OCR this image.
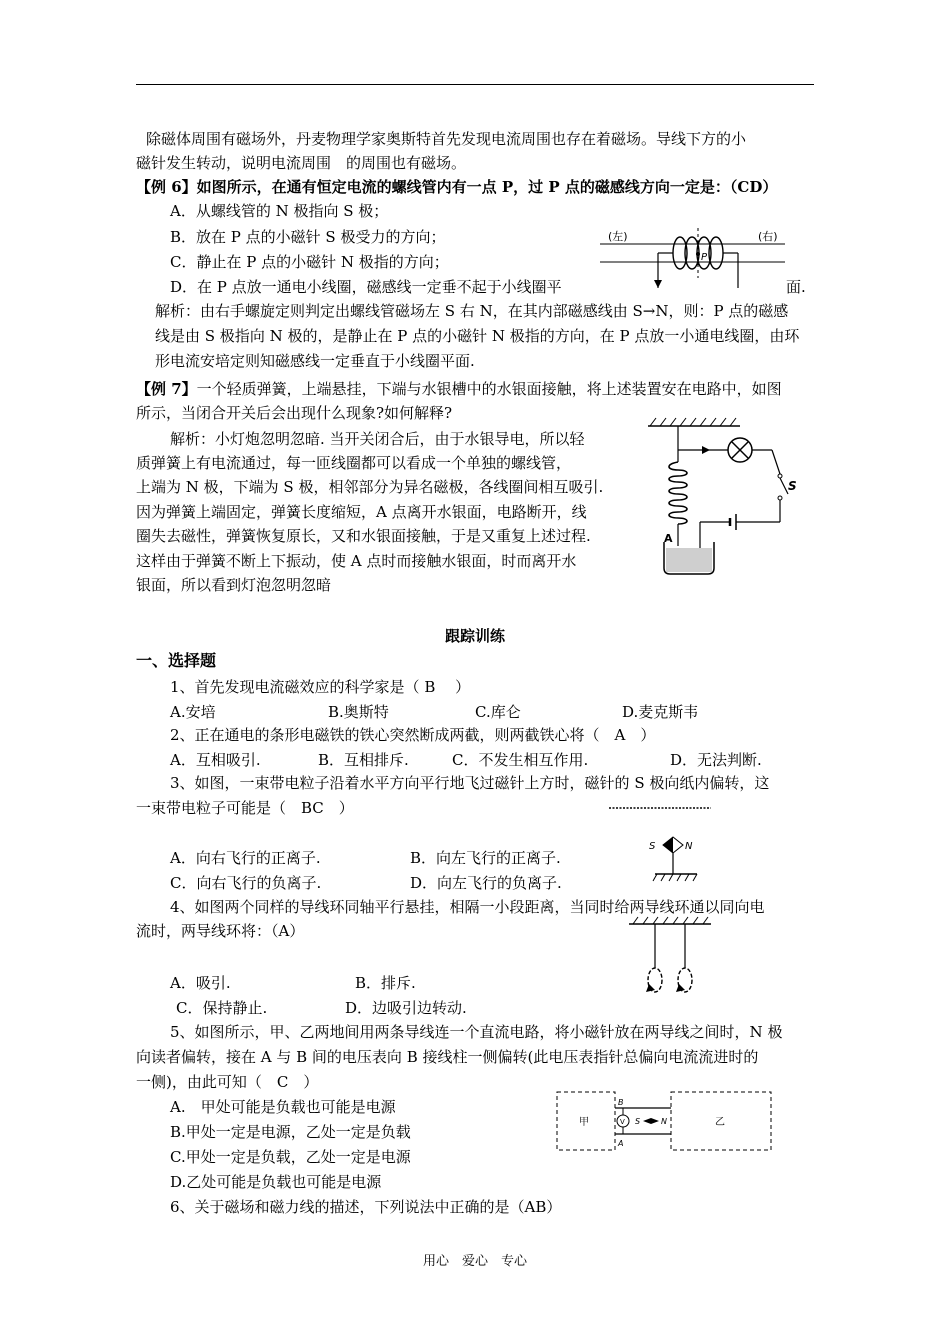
除磁体周围有磁场外，丹麦物理学家奥斯特首先发现电流周围也存在着磁场。导线下方的小
磁针发生转动，说明电流周围　的周围也有磁场。
【例 6】如图所示，在通有恒定电流的螺线管内有一点 P，过 P 点的磁感线方向一定是：（CD）
A．从螺线管的 N 极指向 S 极；
B．放在 P 点的小磁针 S 极受力的方向；
C．静止在 P 点的小磁针 N 极指的方向；
D．在 P 点放一通电小线圈，磁感线一定垂不起于小线圈平	面.
解析：由右手螺旋定则判定出螺线管磁场左 S 右 N，在其内部磁感线由 S→N，则：P 点的磁感
线是由 S 极指向 N 极的，是静止在 P 点的小磁针 N 极指的方向，在 P 点放一小通电线圈，由环
形电流安培定则知磁感线一定垂直于小线圈平面.
P
(左)	(右)
【例 7】一个轻质弹簧，上端悬挂，下端与水银槽中的水银面接触，将上述装置安在电路中，如图
所示，当闭合开关后会出现什么现象?如何解释?
解析：小灯炮忽明忽暗. 当开关闭合后，由于水银导电，所以轻
质弹簧上有电流通过，每一匝线圈都可以看成一个单独的螺线管，
上端为 N 极，下端为 S 极，相邻部分为异名磁极，各线圈间相互吸引.
因为弹簧上端固定，弹簧长度缩短，A 点离开水银面，电路断开，线
圈失去磁性，弹簧恢复原长，又和水银面接触，于是又重复上述过程.
这样由于弹簧不断上下振动，使 A 点时而接触水银面，时而离开水
银面，所以看到灯泡忽明忽暗
S
A
跟踪训练
一、选择题
1、首先发现电流磁效应的科学家是（ B　 ）
A.安培	B.奥斯特	C.库仑	D.麦克斯韦
2、正在通电的条形电磁铁的铁心突然断成两截，则两截铁心将（　A　）
A．互相吸引.	B．互相排斥.	C．不发生相互作用.	D．无法判断.
3、如图，一束带电粒子沿着水平方向平行地飞过磁针上方时，磁针的 S 极向纸内偏转，这
一束带电粒子可能是（　BC　）
A．向右飞行的正离子.	B．向左飞行的正离子.
C．向右飞行的负离子.	D．向左飞行的负离子.
S	N
4、如图两个同样的导线环同轴平行悬挂，相隔一小段距离，当同时给两导线环通以同向电
流时，两导线环将：（A）
A．吸引.	B．排斥.
C．保持静止.	D．边吸引边转动.
5、如图所示，甲、乙两地间用两条导线连一个直流电路，将小磁针放在两导线之间时，N 极
向读者偏转，接在 A 与 B 间的电压表向 B 接线柱一侧偏转(此电压表指针总偏向电流流进时的
一侧)，由此可知（　C　）
A.　甲处可能是负载也可能是电源
B.甲处一定是电源，乙处一定是负载
C.甲处一定是负载，乙处一定是电源
D.乙处可能是负载也可能是电源
甲	乙
B
A
V S	N
6、关于磁场和磁力线的描述，下列说法中正确的是（AB）
用心　爱心　专心
